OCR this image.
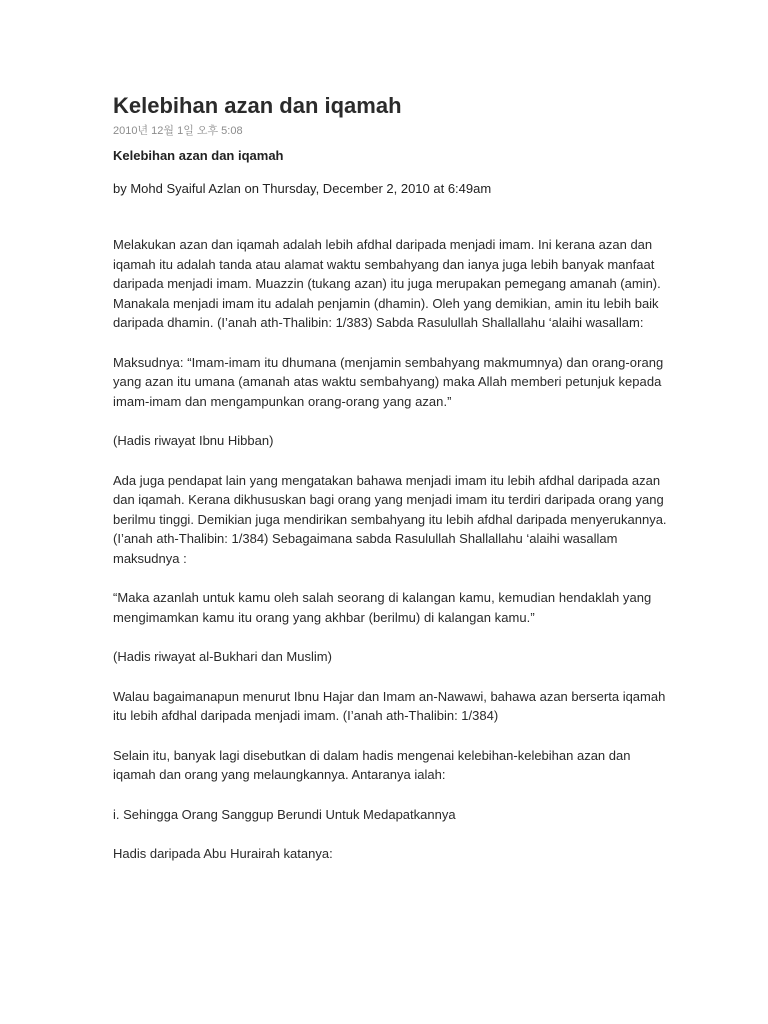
Kelebihan azan dan iqamah
2010년 12월 1일 오후 5:08
Kelebihan azan dan iqamah
by Mohd Syaiful Azlan on Thursday, December 2, 2010 at 6:49am

Melakukan azan dan iqamah adalah lebih afdhal daripada menjadi imam. Ini kerana azan dan iqamah itu adalah tanda atau alamat waktu sembahyang dan ianya juga lebih banyak manfaat daripada menjadi imam. Muazzin (tukang azan) itu juga merupakan pemegang amanah (amin). Manakala menjadi imam itu adalah penjamin (dhamin). Oleh yang demikian, amin itu lebih baik daripada dhamin. (I’anah ath-Thalibin: 1/383) Sabda Rasulullah Shallallahu ‘alaihi wasallam:

Maksudnya: “Imam-imam itu dhumana (menjamin sembahyang makmumnya) dan orang-orang yang azan itu umana (amanah atas waktu sembahyang) maka Allah memberi petunjuk kepada imam-imam dan mengampunkan orang-orang yang azan.”

(Hadis riwayat Ibnu Hibban)

Ada juga pendapat lain yang mengatakan bahawa menjadi imam itu lebih afdhal daripada azan dan iqamah. Kerana dikhususkan bagi orang yang menjadi imam itu terdiri daripada orang yang berilmu tinggi. Demikian juga mendirikan sembahyang itu lebih afdhal daripada menyerukannya. (I’anah ath-Thalibin: 1/384) Sebagaimana sabda Rasulullah Shallallahu ‘alaihi wasallam maksudnya :

“Maka azanlah untuk kamu oleh salah seorang di kalangan kamu, kemudian hendaklah yang mengimamkan kamu itu orang yang akhbar (berilmu) di kalangan kamu.”

(Hadis riwayat al-Bukhari dan Muslim)

Walau bagaimanapun menurut Ibnu Hajar dan Imam an-Nawawi, bahawa azan berserta iqamah itu lebih afdhal daripada menjadi imam. (I’anah ath-Thalibin: 1/384)

Selain itu, banyak lagi disebutkan di dalam hadis mengenai kelebihan-kelebihan azan dan iqamah dan orang yang melaungkannya. Antaranya ialah:

i. Sehingga Orang Sanggup Berundi Untuk Medapatkannya

Hadis daripada Abu Hurairah katanya:
